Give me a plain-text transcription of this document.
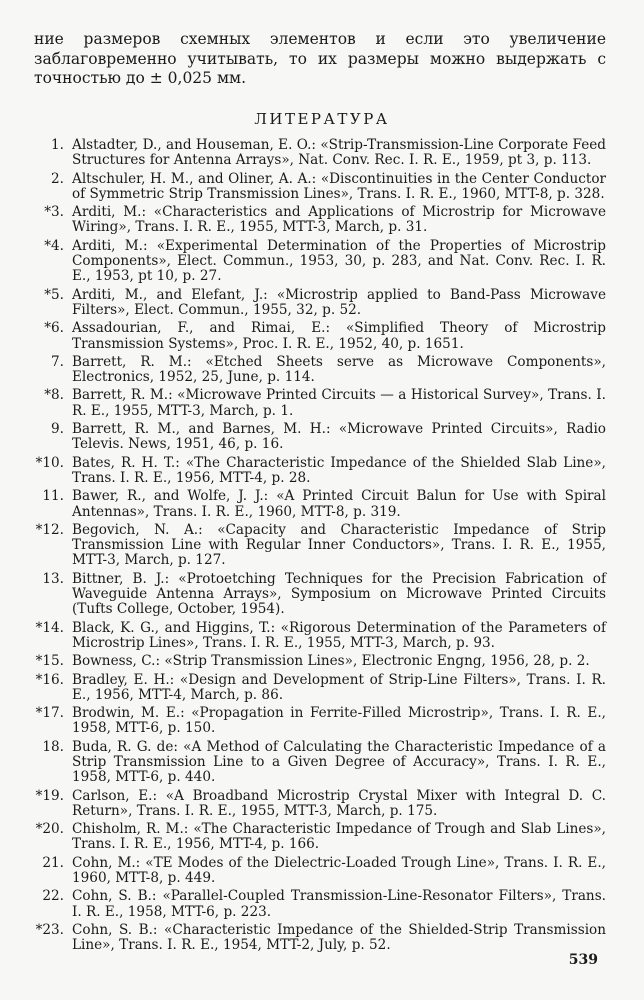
ние размеров схемных элементов и если это увеличение заблаговременно учитывать, то их размеры можно выдержать с точностью до ± 0,025 мм.
ЛИТЕРАТУРА
1. Alstadter, D., and Houseman, E. O.: «Strip-Transmission-Line Corporate Feed Structures for Antenna Arrays», Nat. Conv. Rec. I. R. E., 1959, pt 3, p. 113.
2. Altschuler, H. M., and Oliner, A. A.: «Discontinuities in the Center Conductor of Symmetric Strip Transmission Lines», Trans. I. R. E., 1960, MTT-8, p. 328.
*3. Arditi, M.: «Characteristics and Applications of Microstrip for Microwave Wiring», Trans. I. R. E., 1955, MTT-3, March, p. 31.
*4. Arditi, M.: «Experimental Determination of the Properties of Microstrip Components», Elect. Commun., 1953, 30, p. 283, and Nat. Conv. Rec. I. R. E., 1953, pt 10, p. 27.
*5. Arditi, M., and Elefant, J.: «Microstrip applied to Band-Pass Microwave Filters», Elect. Commun., 1955, 32, p. 52.
*6. Assadourian, F., and Rimai, E.: «Simplified Theory of Microstrip Transmission Systems», Proc. I. R. E., 1952, 40, p. 1651.
7. Barrett, R. M.: «Etched Sheets serve as Microwave Components», Electronics, 1952, 25, June, p. 114.
*8. Barrett, R. M.: «Microwave Printed Circuits — a Historical Survey», Trans. I. R. E., 1955, MTT-3, March, p. 1.
9. Barrett, R. M., and Barnes, M. H.: «Microwave Printed Circuits», Radio Televis. News, 1951, 46, p. 16.
*10. Bates, R. H. T.: «The Characteristic Impedance of the Shielded Slab Line», Trans. I. R. E., 1956, MTT-4, p. 28.
11. Bawer, R., and Wolfe, J. J.: «A Printed Circuit Balun for Use with Spiral Antennas», Trans. I. R. E., 1960, MTT-8, p. 319.
*12. Begovich, N. A.: «Capacity and Characteristic Impedance of Strip Transmission Line with Regular Inner Conductors», Trans. I. R. E., 1955, MTT-3, March, p. 127.
13. Bittner, B. J.: «Protoetching Techniques for the Precision Fabrication of Waveguide Antenna Arrays», Symposium on Microwave Printed Circuits (Tufts College, October, 1954).
*14. Black, K. G., and Higgins, T.: «Rigorous Determination of the Parameters of Microstrip Lines», Trans. I. R. E., 1955, MTT-3, March, p. 93.
*15. Bowness, C.: «Strip Transmission Lines», Electronic Engng, 1956, 28, p. 2.
*16. Bradley, E. H.: «Design and Development of Strip-Line Filters», Trans. I. R. E., 1956, MTT-4, March, p. 86.
*17. Brodwin, M. E.: «Propagation in Ferrite-Filled Microstrip», Trans. I. R. E., 1958, MTT-6, p. 150.
18. Buda, R. G. de: «A Method of Calculating the Characteristic Impedance of a Strip Transmission Line to a Given Degree of Accuracy», Trans. I. R. E., 1958, MTT-6, p. 440.
*19. Carlson, E.: «A Broadband Microstrip Crystal Mixer with Integral D. C. Return», Trans. I. R. E., 1955, MTT-3, March, p. 175.
*20. Chisholm, R. M.: «The Characteristic Impedance of Trough and Slab Lines», Trans. I. R. E., 1956, MTT-4, p. 166.
21. Cohn, M.: «TE Modes of the Dielectric-Loaded Trough Line», Trans. I. R. E., 1960, MTT-8, p. 449.
22. Cohn, S. B.: «Parallel-Coupled Transmission-Line-Resonator Filters», Trans. I. R. E., 1958, MTT-6, p. 223.
*23. Cohn, S. B.: «Characteristic Impedance of the Shielded-Strip Transmission Line», Trans. I. R. E., 1954, MTT-2, July, p. 52.
539
